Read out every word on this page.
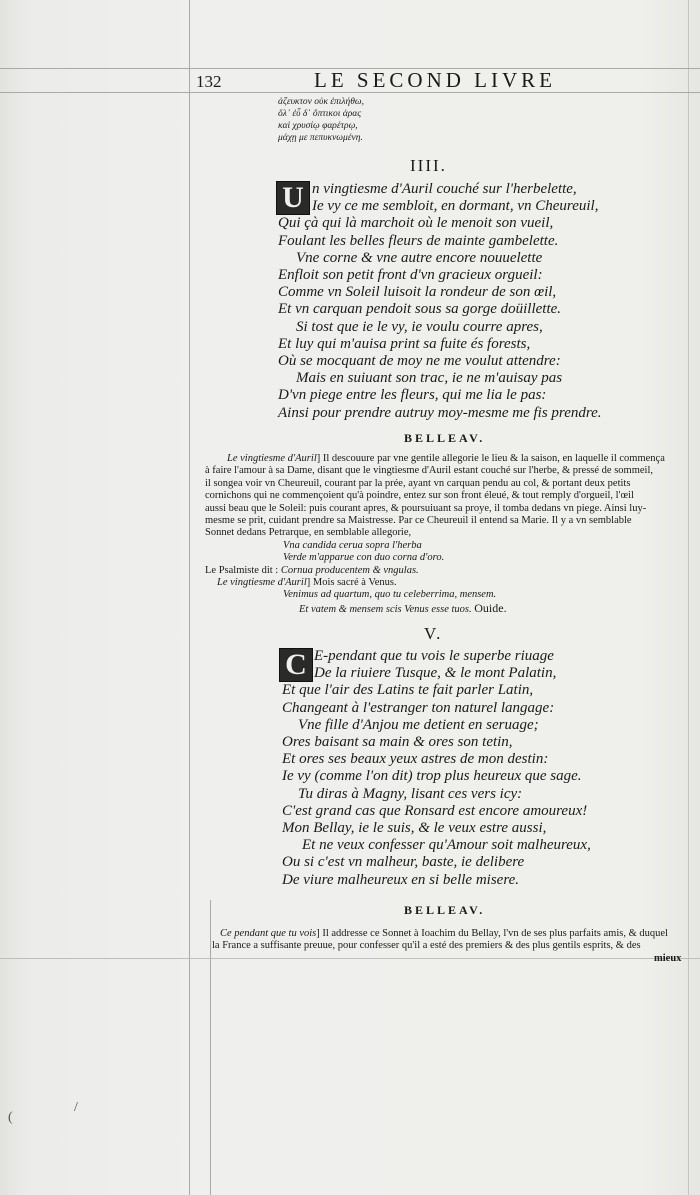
132	LE SECOND LIVRE
ἀζευκτον οὐκ ἐπιλήθω,
ὅλ᾽ ἐὖ δ᾽ ὄπτικοι ἀρας
καὶ χρυσίῳ φαρέτρῳ,
μάχῃ με πεπυκνωμένη.
IIII.
U n vingtiesme d'Auril couché sur l'herbelette,
Ie vy ce me sembloit, en dormant, vn Cheureuil,
Qui çà qui là marchoit où le menoit son vueil,
Foulant les belles fleurs de mainte gambelette.
Vne corne & vne autre encore nouuelette
Enfloit son petit front d'vn gracieux orgueil:
Comme vn Soleil luisoit la rondeur de son œil,
Et vn carquan pendoit sous sa gorge doüillette.
Si tost que ie le vy, ie voulu courre apres,
Et luy qui m'auisa print sa fuite és forests,
Où se mocquant de moy ne me voulut attendre:
Mais en suiuant son trac, ie ne m'auisay pas
D'vn piege entre les fleurs, qui me lia le pas:
Ainsi pour prendre autruy moy-mesme me fis prendre.
BELLEAV.
Le vingtiesme d'Auril] Il descouure par vne gentile allegorie le lieu & la saison, en laquelle il commença
à faire l'amour à sa Dame, disant que le vingtiesme d'Auril estant couché sur l'herbe, & pressé de sommeil,
il songea voir vn Cheureuil, courant par la prée, ayant vn carquan pendu au col, & portant deux petits
cornichons qui ne commençoient qu'à poindre, entez sur son front éleué, & tout remply d'orgueil, l'œil
aussi beau que le Soleil: puis courant apres, & poursuiuant sa proye, il tomba dedans vn piege. Ainsi luy-
mesme se prit, cuidant prendre sa Maistresse. Par ce Cheureuil il entend sa Marie. Il y a vn semblable
Sonnet dedans Petrarque, en semblable allegorie,
Vna candida cerua sopra l'herba
Verde m'apparue con duo corna d'oro.
Le Psalmiste dit : Cornua producentem & vngulas.
Le vingtiesme d'Auril] Mois sacré à Venus.
Venimus ad quartum, quo tu celeberrima, mensem.
Et vatem & mensem scis Venus esse tuos. Ouide.
V.
C E-pendant que tu vois le superbe riuage
De la riuiere Tusque, & le mont Palatin,
Et que l'air des Latins te fait parler Latin,
Changeant à l'estranger ton naturel langage:
Vne fille d'Anjou me detient en seruage;
Ores baisant sa main & ores son tetin,
Et ores ses beaux yeux astres de mon destin:
Ie vy (comme l'on dit) trop plus heureux que sage.
Tu diras à Magny, lisant ces vers icy:
C'est grand cas que Ronsard est encore amoureux!
Mon Bellay, ie le suis, & le veux estre aussi,
Et ne veux confesser qu'Amour soit malheureux,
Ou si c'est vn malheur, baste, ie delibere
De viure malheureux en si belle misere.
BELLEAV.
Ce pendant que tu vois] Il addresse ce Sonnet à Ioachim du Bellay, l'vn de ses plus parfaits amis, & duquel
la France a suffisante preuue, pour confesser qu'il a esté des premiers & des plus gentils esprits, & des
mieux
(
/
